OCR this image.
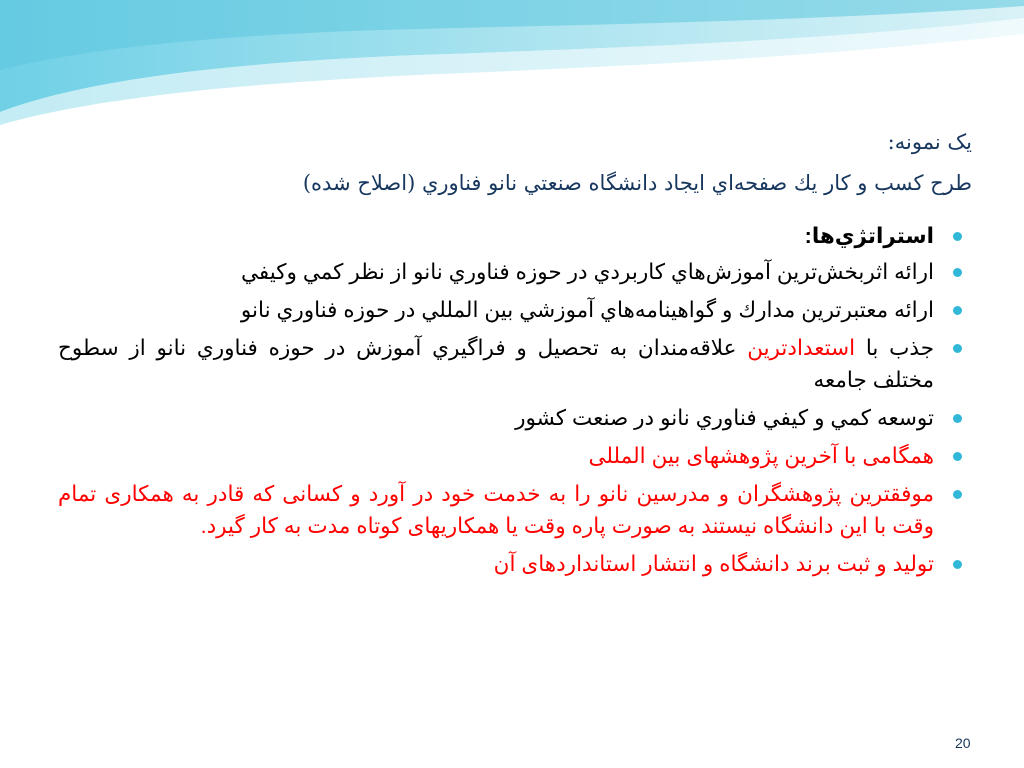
یک نمونه:
طرح كسب و كار يك صفحه‌اي ايجاد دانشگاه صنعتي نانو فناوري (اصلاح شده)
استراتژي‌ها:
ارائه اثربخش‌ترين آموزش‌هاي كاربردي در حوزه فناوري نانو از نظر كمي وكيفي
ارائه معتبرترين مدارك و گواهينامه‌هاي آموزشي بين المللي در حوزه فناوري نانو
جذب با استعدادترين علاقه‌مندان به تحصيل و فراگيري آموزش در حوزه فناوري نانو از سطوح مختلف جامعه
توسعه كمي و كيفي فناوري نانو در صنعت كشور
همگامی با آخرين پژوهشهای بين المللی
موفقترين پژوهشگران و مدرسين نانو را به خدمت خود در آورد و كسانی كه قادر به همكاری تمام وقت با اين دانشگاه نيستند به صورت پاره وقت يا همكاريهای كوتاه مدت به كار گيرد.
توليد و ثبت برند دانشگاه و انتشار استانداردهای آن
20
